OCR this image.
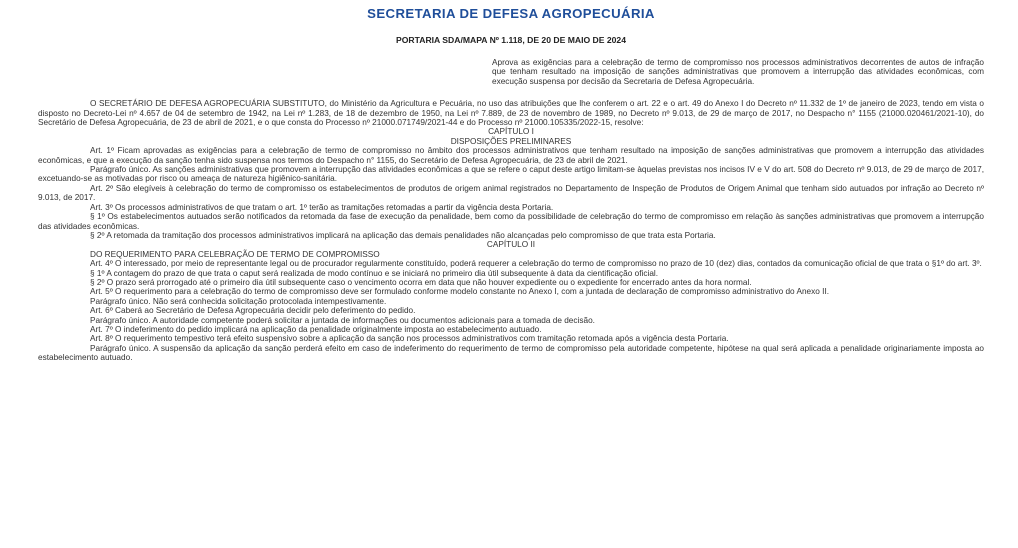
SECRETARIA DE DEFESA AGROPECUÁRIA
PORTARIA SDA/MAPA Nº 1.118, DE 20 DE MAIO DE 2024
Aprova as exigências para a celebração de termo de compromisso nos processos administrativos decorrentes de autos de infração que tenham resultado na imposição de sanções administrativas que promovem a interrupção das atividades econômicas, com execução suspensa por decisão da Secretaria de Defesa Agropecuária.

O SECRETÁRIO DE DEFESA AGROPECUÁRIA SUBSTITUTO, do Ministério da Agricultura e Pecuária, no uso das atribuições que lhe conferem o art. 22 e o art. 49 do Anexo I do Decreto nº 11.332 de 1º de janeiro de 2023, tendo em vista o disposto no Decreto-Lei nº 4.657 de 04 de setembro de 1942, na Lei nº 1.283, de 18 de dezembro de 1950, na Lei nº 7.889, de 23 de novembro de 1989, no Decreto nº 9.013, de 29 de março de 2017, no Despacho n° 1155 (21000.020461/2021-10), do Secretário de Defesa Agropecuária, de 23 de abril de 2021, e o que consta do Processo nº 21000.071749/2021-44 e do Processo nº 21000.105335/2022-15, resolve:

CAPÍTULO I

DISPOSIÇÕES PRELIMINARES

Art. 1º Ficam aprovadas as exigências para a celebração de termo de compromisso no âmbito dos processos administrativos que tenham resultado na imposição de sanções administrativas que promovem a interrupção das atividades econômicas, e que a execução da sanção tenha sido suspensa nos termos do Despacho n° 1155, do Secretário de Defesa Agropecuária, de 23 de abril de 2021.

Parágrafo único. As sanções administrativas que promovem a interrupção das atividades econômicas a que se refere o caput deste artigo limitam-se àquelas previstas nos incisos IV e V do art. 508 do Decreto nº 9.013, de 29 de março de 2017, excetuando-se as motivadas por risco ou ameaça de natureza higiênico-sanitária.

Art. 2º São elegíveis à celebração do termo de compromisso os estabelecimentos de produtos de origem animal registrados no Departamento de Inspeção de Produtos de Origem Animal que tenham sido autuados por infração ao Decreto nº 9.013, de 2017.

Art. 3º Os processos administrativos de que tratam o art. 1º terão as tramitações retomadas a partir da vigência desta Portaria.

§ 1º Os estabelecimentos autuados serão notificados da retomada da fase de execução da penalidade, bem como da possibilidade de celebração do termo de compromisso em relação às sanções administrativas que promovem a interrupção das atividades econômicas.

§ 2º A retomada da tramitação dos processos administrativos implicará na aplicação das demais penalidades não alcançadas pelo compromisso de que trata esta Portaria.

CAPÍTULO II

DO REQUERIMENTO PARA CELEBRAÇÃO DE TERMO DE COMPROMISSO

Art. 4º O interessado, por meio de representante legal ou de procurador regularmente constituído, poderá requerer a celebração do termo de compromisso no prazo de 10 (dez) dias, contados da comunicação oficial de que trata o §1º do art. 3º.

§ 1º A contagem do prazo de que trata o caput será realizada de modo contínuo e se iniciará no primeiro dia útil subsequente à data da cientificação oficial.

§ 2º O prazo será prorrogado até o primeiro dia útil subsequente caso o vencimento ocorra em data que não houver expediente ou o expediente for encerrado antes da hora normal.

Art. 5º O requerimento para a celebração do termo de compromisso deve ser formulado conforme modelo constante no Anexo I, com a juntada de declaração de compromisso administrativo do Anexo II.

Parágrafo único. Não será conhecida solicitação protocolada intempestivamente.

Art. 6º Caberá ao Secretário de Defesa Agropecuária decidir pelo deferimento do pedido.

Parágrafo único. A autoridade competente poderá solicitar a juntada de informações ou documentos adicionais para a tomada de decisão.

Art. 7º O indeferimento do pedido implicará na aplicação da penalidade originalmente imposta ao estabelecimento autuado.

Art. 8º O requerimento tempestivo terá efeito suspensivo sobre a aplicação da sanção nos processos administrativos com tramitação retomada após a vigência desta Portaria.

Parágrafo único. A suspensão da aplicação da sanção perderá efeito em caso de indeferimento do requerimento de termo de compromisso pela autoridade competente, hipótese na qual será aplicada a penalidade originariamente imposta ao estabelecimento autuado.
